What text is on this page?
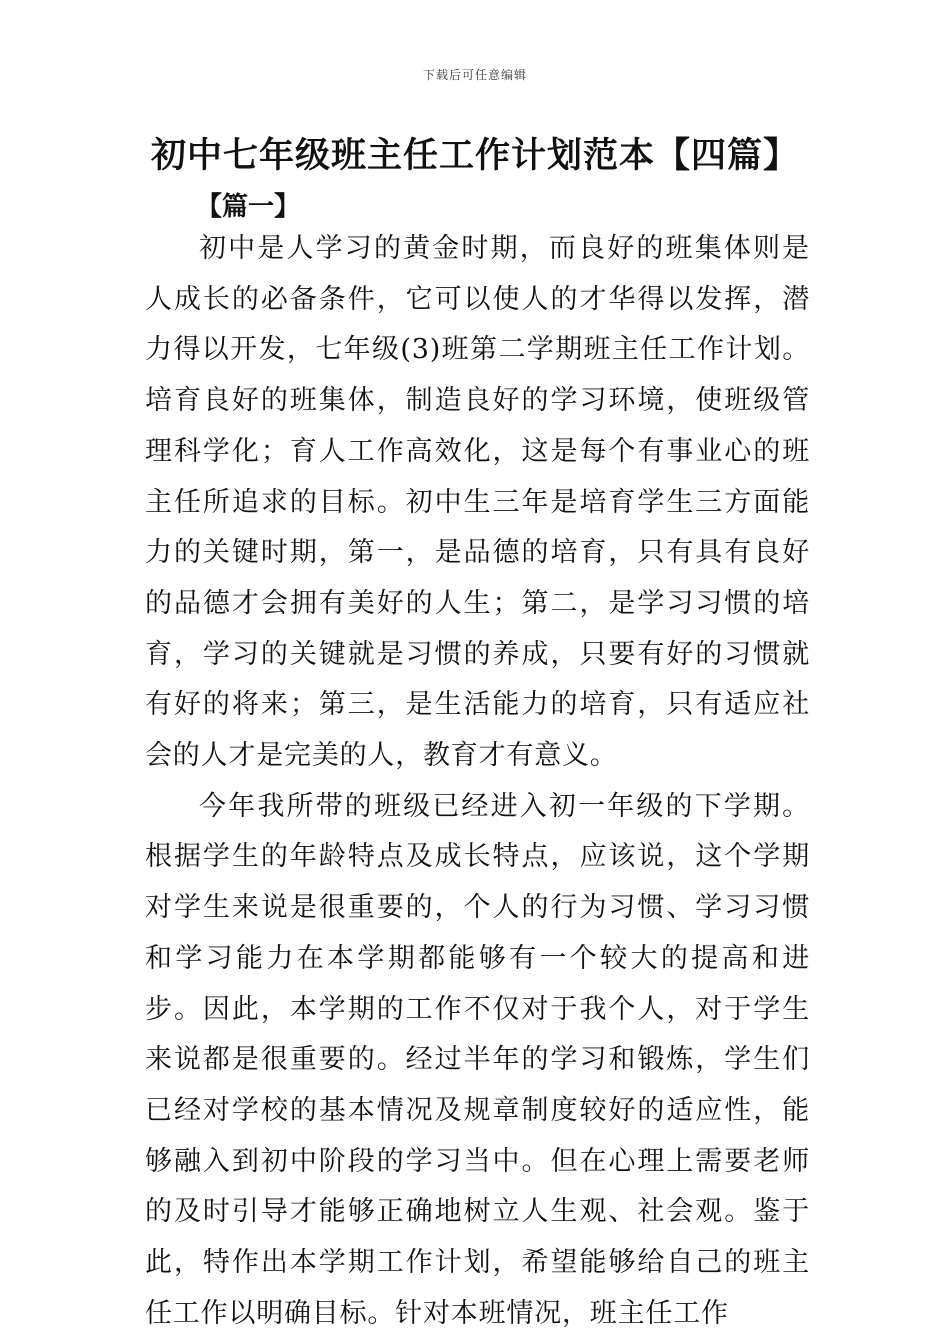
下载后可任意编辑
初中七年级班主任工作计划范本【四篇】
【篇一】

初中是人学习的黄金时期，而良好的班集体则是人成长的必备条件，它可以使人的才华得以发挥，潜力得以开发，七年级(3)班第二学期班主任工作计划。培育良好的班集体，制造良好的学习环境，使班级管理科学化；育人工作高效化，这是每个有事业心的班主任所追求的目标。初中生三年是培育学生三方面能力的关键时期，第一，是品德的培育，只有具有良好的品德才会拥有美好的人生；第二，是学习习惯的培育，学习的关键就是习惯的养成，只要有好的习惯就有好的将来；第三，是生活能力的培育，只有适应社会的人才是完美的人，教育才有意义。

今年我所带的班级已经进入初一年级的下学期。根据学生的年龄特点及成长特点，应该说，这个学期对学生来说是很重要的，个人的行为习惯、学习习惯和学习能力在本学期都能够有一个较大的提高和进步。因此，本学期的工作不仅对于我个人，对于学生来说都是很重要的。经过半年的学习和锻炼，学生们已经对学校的基本情况及规章制度较好的适应性，能够融入到初中阶段的学习当中。但在心理上需要老师的及时引导才能够正确地树立人生观、社会观。鉴于此，特作出本学期工作计划，希望能够给自己的班主任工作以明确目标。针对本班情况，班主任工作
